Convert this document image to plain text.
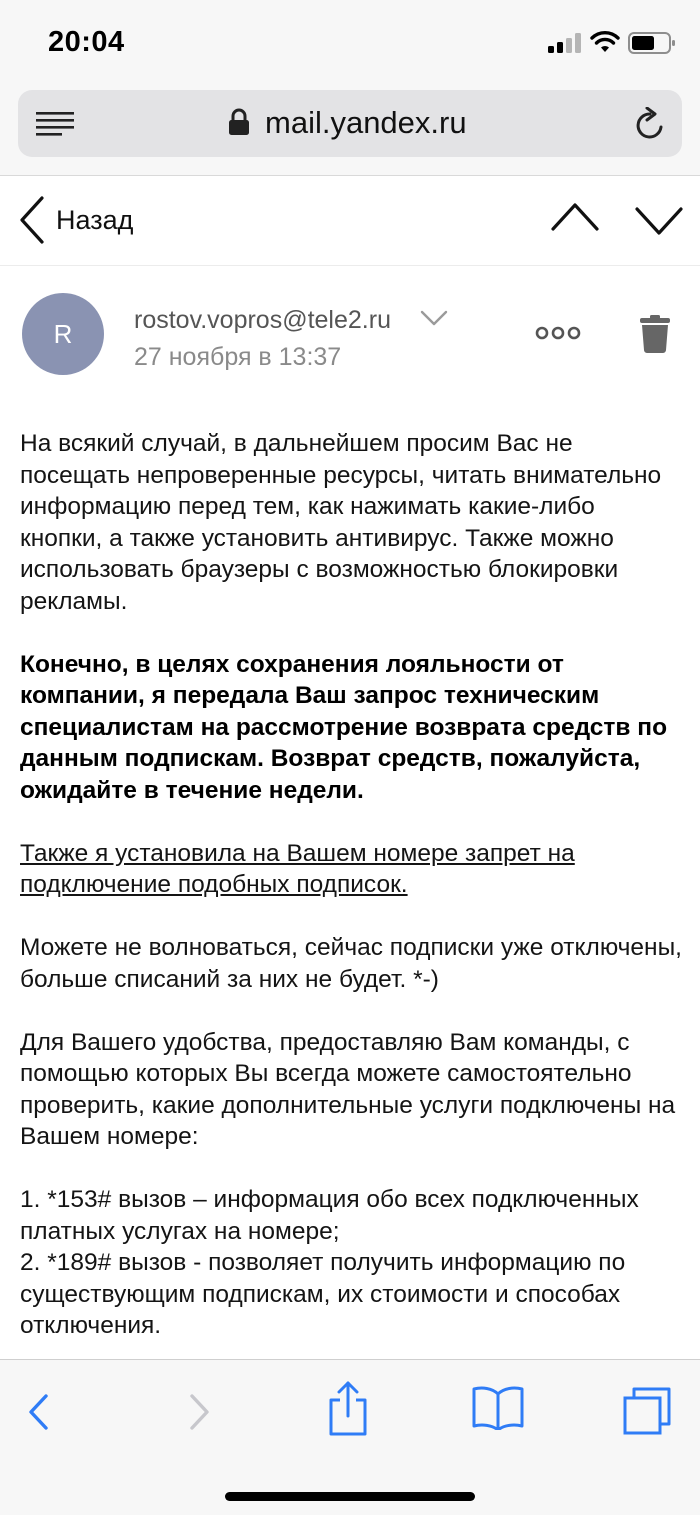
20:04
mail.yandex.ru
Назад
R	rostov.vopros@tele2.ru
27 ноября в 13:37

На всякий случай, в дальнейшем просим Вас не посещать непроверенные ресурсы, читать внимательно информацию перед тем, как нажимать какие-либо кнопки, а также установить антивирус. Также можно использовать браузеры с возможностью блокировки рекламы.

Конечно, в целях сохранения лояльности от компании, я передала Ваш запрос техническим специалистам на рассмотрение возврата средств по данным подпискам. Возврат средств, пожалуйста, ожидайте в течение недели.

Также я установила на Вашем номере запрет на подключение подобных подписок.

Можете не волноваться, сейчас подписки уже отключены, больше списаний за них не будет. *-)

Для Вашего удобства, предоставляю Вам команды, с помощью которых Вы всегда можете самостоятельно проверить, какие дополнительные услуги подключены на Вашем номере:

1. *153# вызов – информация обо всех подключенных платных услугах на номере;
2. *189# вызов - позволяет получить информацию по существующим подпискам, их стоимости и способах отключения.
